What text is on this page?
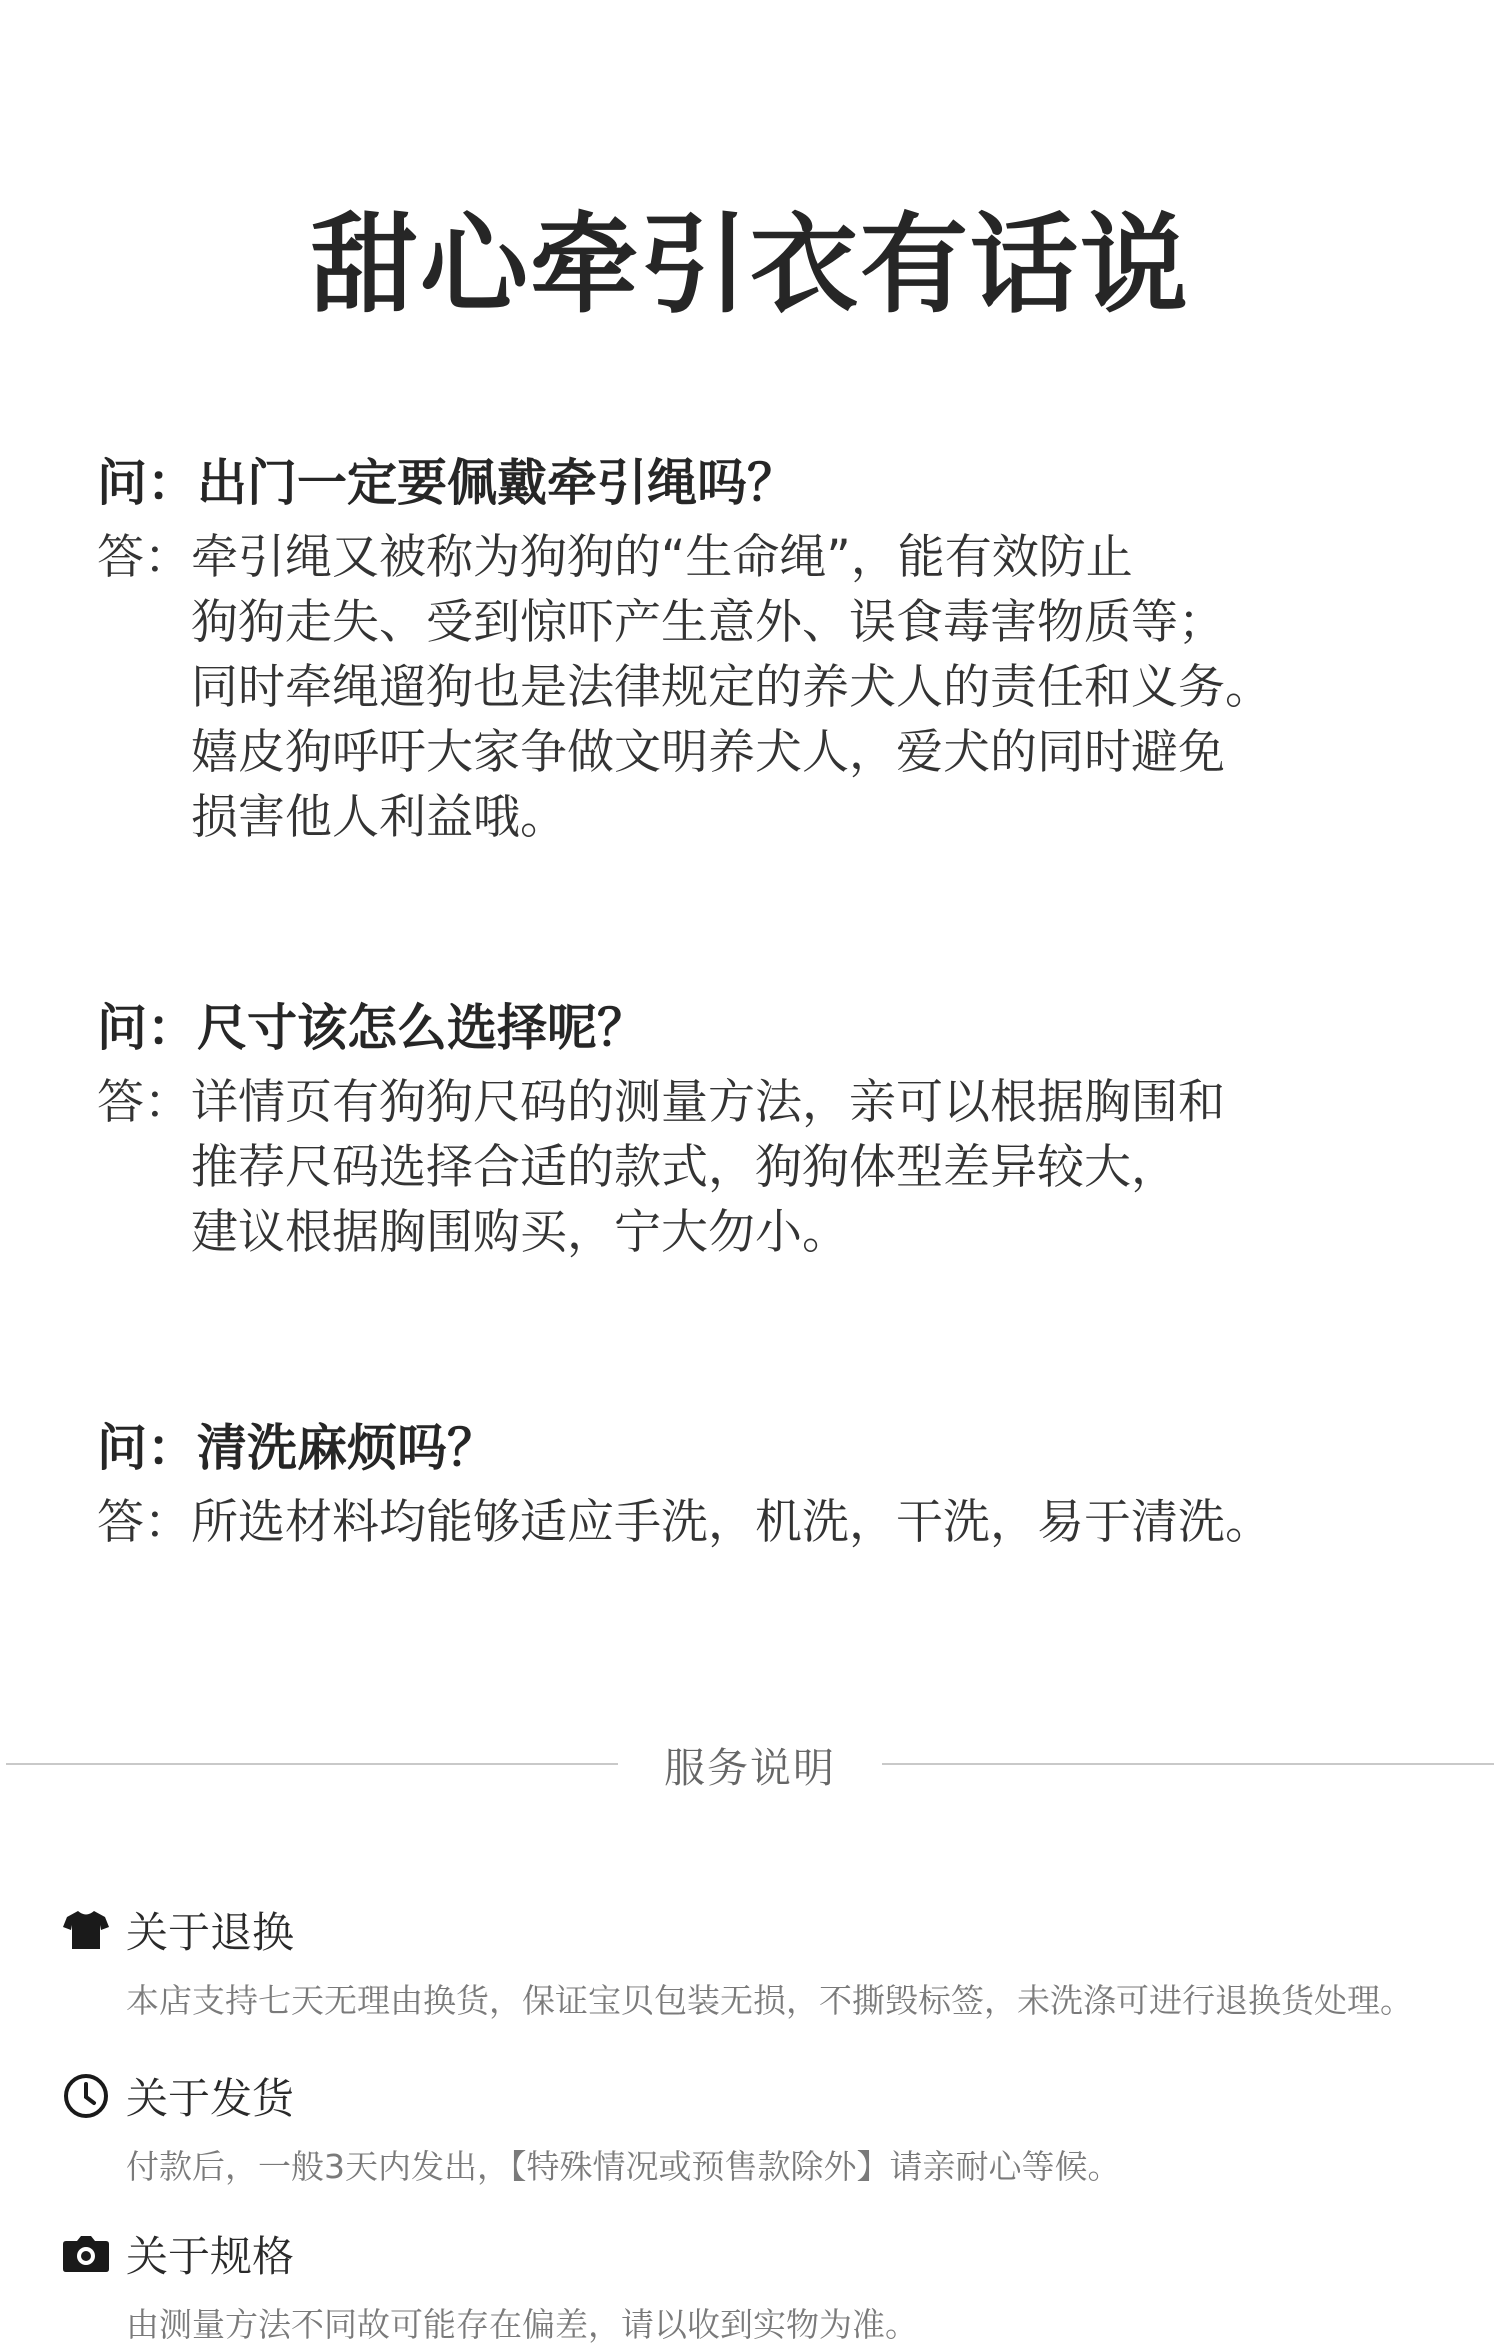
甜心牵引衣有话说
问：出门一定要佩戴牵引绳吗？
答： 牵引绳又被称为狗狗的“生命绳”，能有效防止
狗狗走失、受到惊吓产生意外、误食毒害物质等；
同时牵绳遛狗也是法律规定的养犬人的责任和义务。
嬉皮狗呼吁大家争做文明养犬人，爱犬的同时避免
损害他人利益哦。
问：尺寸该怎么选择呢？
答： 详情页有狗狗尺码的测量方法，亲可以根据胸围和
推荐尺码选择合适的款式，狗狗体型差异较大，
建议根据胸围购买，宁大勿小。
问：清洗麻烦吗？
答： 所选材料均能够适应手洗，机洗，干洗，易于清洗。
服务说明
关于退换
本店支持七天无理由换货，保证宝贝包装无损，不撕毁标签，未洗涤可进行退换货处理。
关于发货
付款后，一般3天内发出，【特殊情况或预售款除外】请亲耐心等候。
关于规格
由测量方法不同故可能存在偏差，请以收到实物为准。
